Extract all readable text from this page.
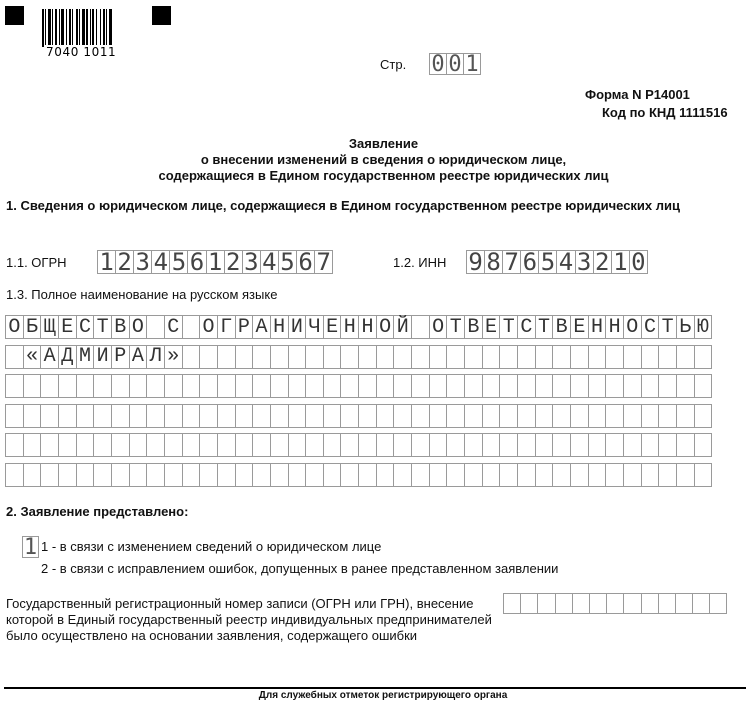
7040 1011
Стр. 0 0 1
Форма N Р14001
Код по КНД 1111516
Заявление
о внесении изменений в сведения о юридическом лице,
содержащиеся в Едином государственном реестре юридических лиц
1. Сведения о юридическом лице, содержащиеся в Едином государственном реестре юридических лиц
1.1. ОГРН 1 2 3 4 5 6 1 2 3 4 5 6 7	1.2. ИНН 9 8 7 6 5 4 3 2 1 0
1.3. Полное наименование на русском языке
О Б Щ Е С Т В О С О Г Р А Н И Ч Е Н Н О Й О Т В Е Т С Т В Е Н Н О С Т Ь Ю
« А Д М И Р А Л »
2. Заявление представлено:
1 1 - в связи с изменением сведений о юридическом лице
2 - в связи с исправлением ошибок, допущенных в ранее представленном заявлении
Государственный регистрационный номер записи (ОГРН или ГРН), внесение
которой в Единый государственный реестр индивидуальных предпринимателей
было осуществлено на основании заявления, содержащего ошибки
Для служебных отметок регистрирующего органа
